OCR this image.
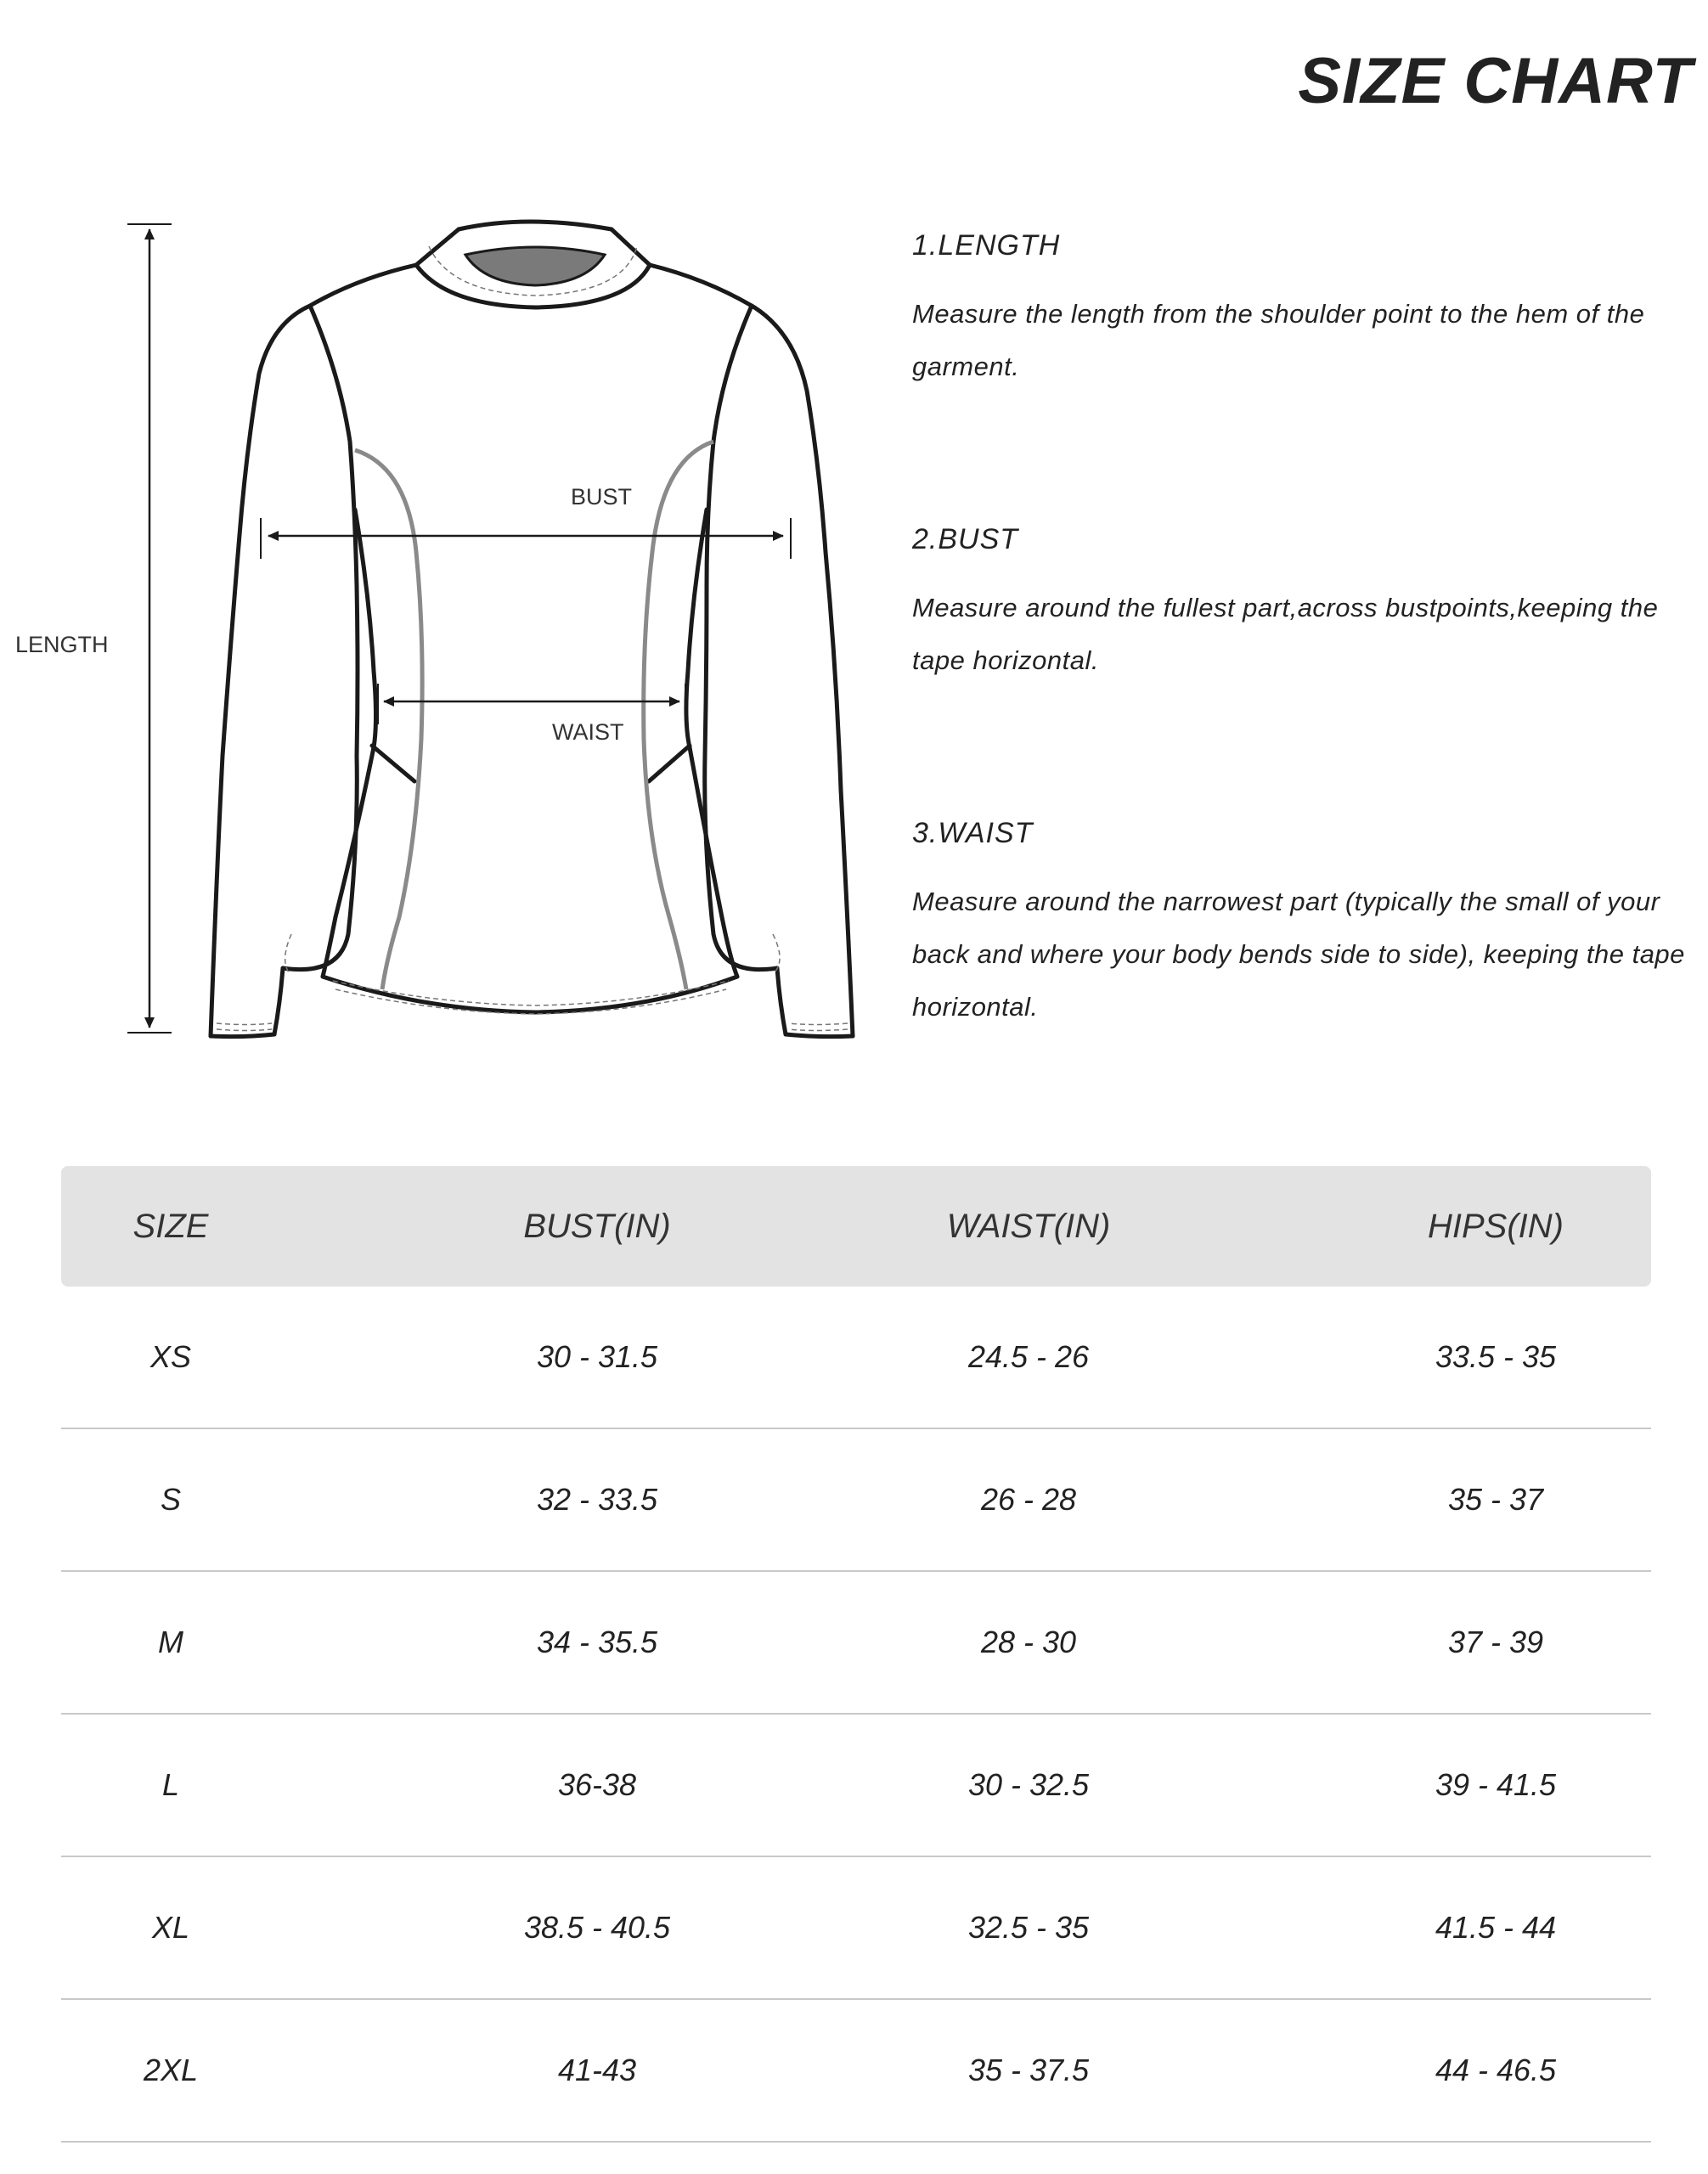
SIZE CHART
LENGTH
BUST
WAIST

1.LENGTH

Measure the length from the shoulder point to the hem of the garment.

2.BUST

Measure around the fullest part,across bustpoints,keeping the tape horizontal.

3.WAIST

Measure around the narrowest part (typically the small of your back and where your body bends side to side), keeping the tape horizontal.

SIZE	BUST(IN)	WAIST(IN)	HIPS(IN)
XS	30 - 31.5	24.5 - 26	33.5 - 35
S	32 - 33.5	26 - 28	35 - 37
M	34 - 35.5	28 - 30	37 - 39
L	36-38	30 - 32.5	39 - 41.5
XL	38.5 - 40.5	32.5 - 35	41.5 - 44
2XL	41-43	35 - 37.5	44 - 46.5
